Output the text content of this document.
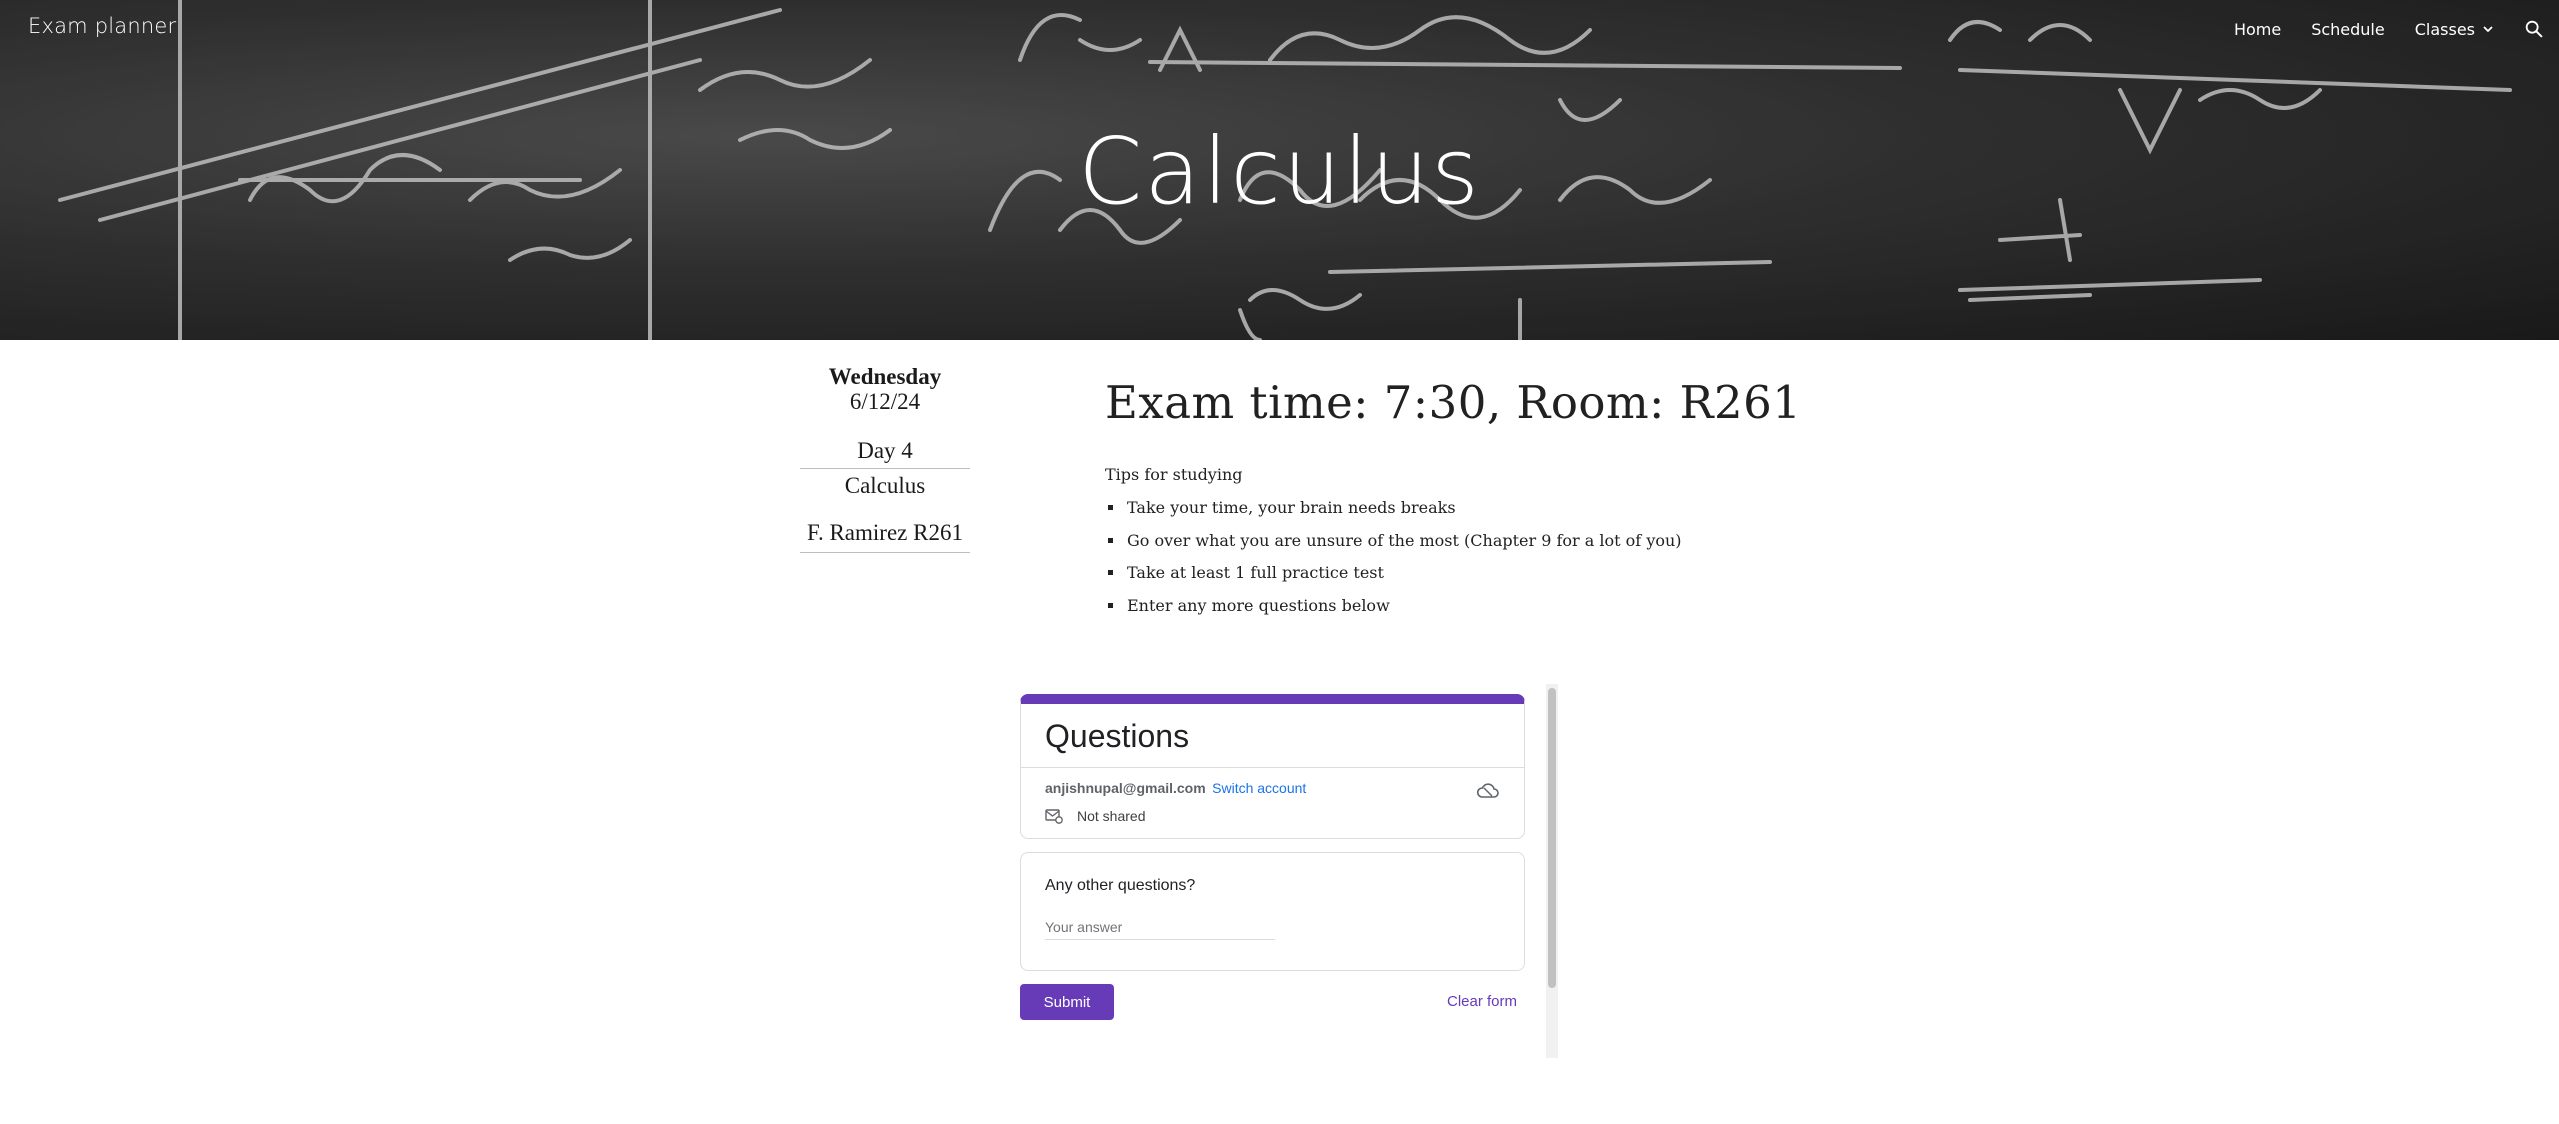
Exam planner	Home Schedule Classes
Calculus
Wednesday
6/12/24
Day 4
Calculus
F. Ramirez R261
Exam time: 7:30, Room: R261
Tips for studying
▪ Take your time, your brain needs breaks
▪ Go over what you are unsure of the most (Chapter 9 for a lot of you)
▪ Take at least 1 full practice test
▪ Enter any more questions below
Questions
anjishnupal@gmail.com Switch account
Not shared
Any other questions?
Your answer
Submit	Clear form
